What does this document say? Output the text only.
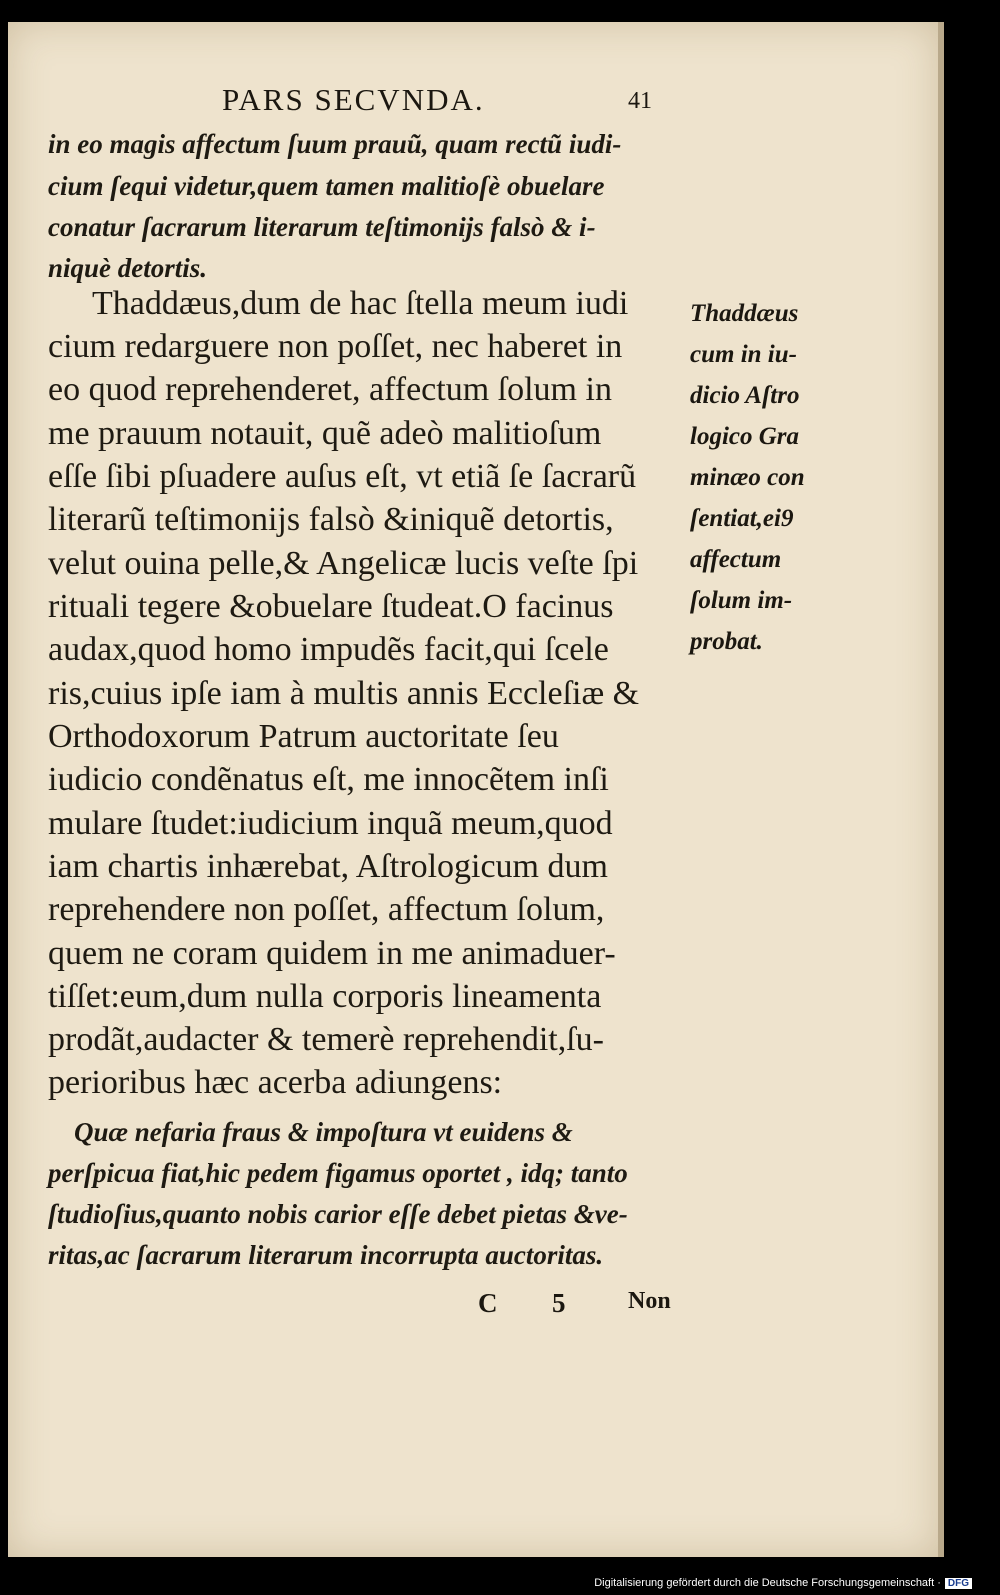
PARS SECVNDA.	41
in eo magis affectum ſuum prauũ, quam rectũ iudi-
cium ſequi videtur,quem tamen malitioſè obuelare
conatur ſacrarum literarum teſtimonijs falsò & i-
niquè detortis.
Thaddæus,dum de hac ſtella meum iudi
cium redarguere non poſſet, nec haberet in
eo quod reprehenderet, affectum ſolum in
me prauum notauit, quẽ adeò malitioſum
eſſe ſibi pſuadere auſus eſt, vt etiã ſe ſacrarũ
literarũ teſtimonijs falsò &iniquẽ detortis,
velut ouina pelle,& Angelicæ lucis veſte ſpi
rituali tegere &obuelare ſtudeat.O facinus
audax,quod homo impudẽs facit,qui ſcele
ris,cuius ipſe iam à multis annis Eccleſiæ &
Orthodoxorum Patrum auctoritate ſeu
iudicio condẽnatus eſt, me innocẽtem inſi
mulare ſtudet:iudicium inquã meum,quod
iam chartis inhærebat, Aſtrologicum dum
reprehendere non poſſet, affectum ſolum,
quem ne coram quidem in me animaduer-
tiſſet:eum,dum nulla corporis lineamenta
prodãt,audacter & temerè reprehendit,ſu-
perioribus hæc acerba adiungens:
Quæ nefaria fraus & impoſtura vt euidens &
perſpicua fiat,hic pedem figamus oportet , idq; tanto
ſtudioſius,quanto nobis carior eſſe debet pietas &ve-
ritas,ac ſacrarum literarum incorrupta auctoritas.
Thaddæus
cum in iu-
dicio Aſtro
logico Gra
minæo con
ſentiat,ei9
affectum
ſolum im-
probat.
C 5	Non
Digitalisierung gefördert durch die Deutsche Forschungsgemeinschaft · DFG
